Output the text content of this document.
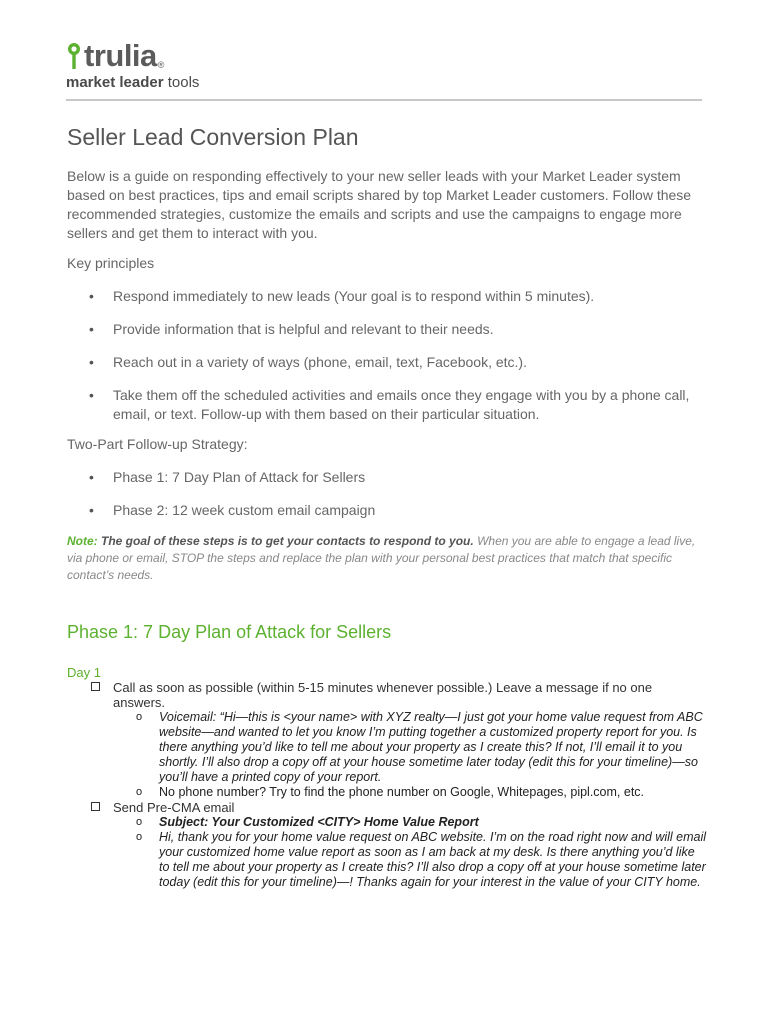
trulia ®
market leader tools
Seller Lead Conversion Plan

Below is a guide on responding effectively to your new seller leads with your Market Leader system based on best practices, tips and email scripts shared by top Market Leader customers. Follow these recommended strategies, customize the emails and scripts and use the campaigns to engage more sellers and get them to interact with you.

Key principles

• Respond immediately to new leads (Your goal is to respond within 5 minutes).
• Provide information that is helpful and relevant to their needs.
• Reach out in a variety of ways (phone, email, text, Facebook, etc.).
• Take them off the scheduled activities and emails once they engage with you by a phone call, email, or text. Follow-up with them based on their particular situation.

Two-Part Follow-up Strategy:

• Phase 1: 7 Day Plan of Attack for Sellers
• Phase 2: 12 week custom email campaign

Note: The goal of these steps is to get your contacts to respond to you. When you are able to engage a lead live, via phone or email, STOP the steps and replace the plan with your personal best practices that match that specific contact’s needs.

Phase 1: 7 Day Plan of Attack for Sellers

Day 1

Call as soon as possible (within 5-15 minutes whenever possible.) Leave a message if no one answers.
o Voicemail: “Hi—this is <your name> with XYZ realty—I just got your home value request from ABC website—and wanted to let you know I’m putting together a customized property report for you. Is there anything you’d like to tell me about your property as I create this? If not, I’ll email it to you shortly. I’ll also drop a copy off at your house sometime later today (edit this for your timeline)—so you’ll have a printed copy of your report.
o No phone number? Try to find the phone number on Google, Whitepages, pipl.com, etc.
Send Pre-CMA email
o Subject: Your Customized <CITY> Home Value Report
o Hi, thank you for your home value request on ABC website. I’m on the road right now and will email your customized home value report as soon as I am back at my desk. Is there anything you’d like to tell me about your property as I create this? I’ll also drop a copy off at your house sometime later today (edit this for your timeline)—! Thanks again for your interest in the value of your CITY home.
